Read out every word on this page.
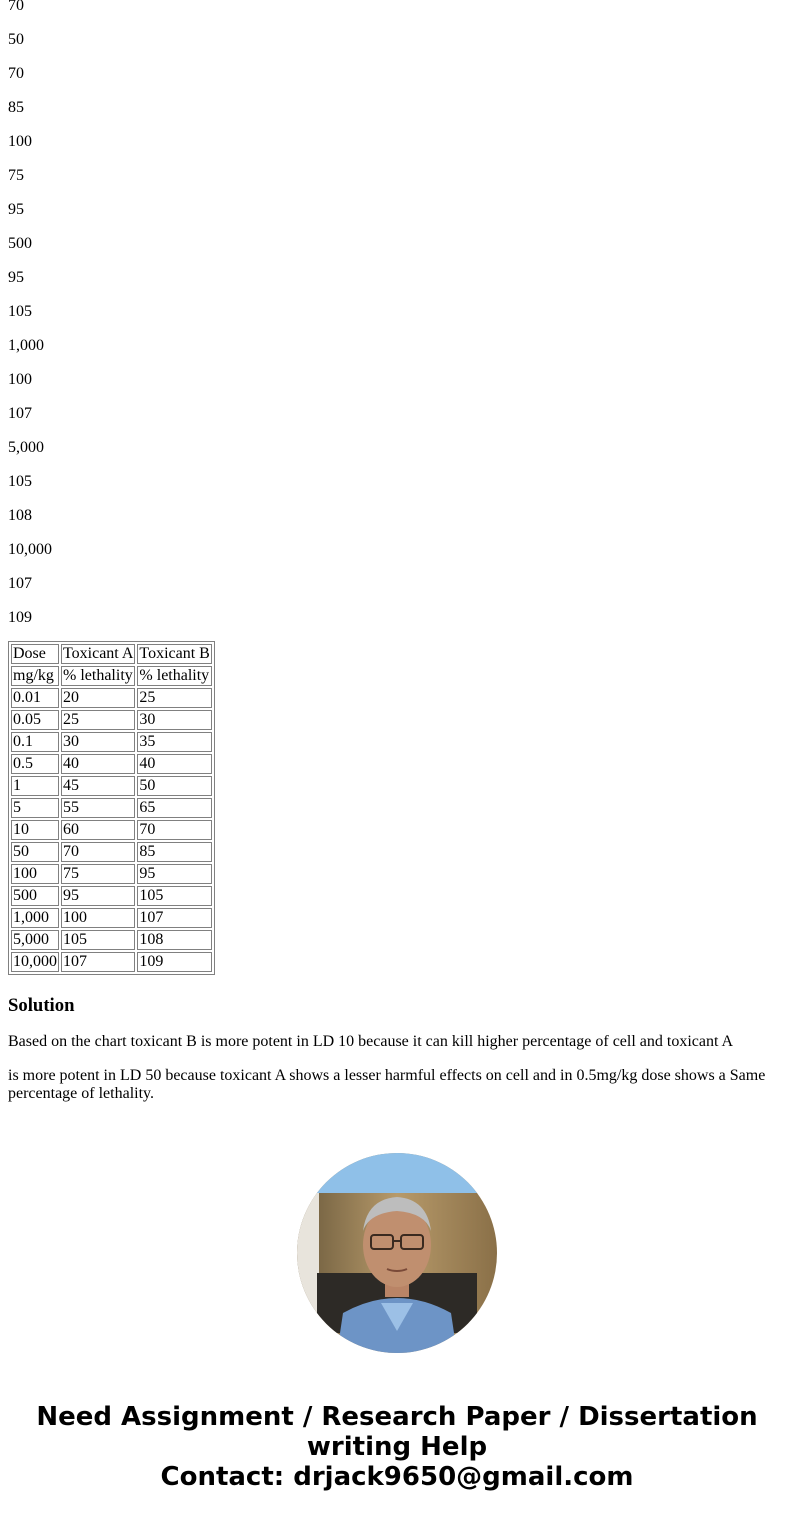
70

50

70

85

100

75

95

500

95

105

1,000

100

107

5,000

105

108

10,000

107

109

Dose	Toxicant A	Toxicant B
mg/kg	% lethality	% lethality
0.01	20	25
0.05	25	30
0.1	30	35
0.5	40	40
1	45	50
5	55	65
10	60	70
50	70	85
100	75	95
500	95	105
1,000	100	107
5,000	105	108
10,000	107	109
Solution

Based on the chart toxicant B is more potent in LD 10 because it can kill higher percentage of cell and toxicant A

is more potent in LD 50 because toxicant A shows a lesser harmful effects on cell and in 0.5mg/kg dose shows a Same percentage of lethality.

Need Assignment / Research Paper / Dissertation
writing Help
Contact: drjack9650@gmail.com
